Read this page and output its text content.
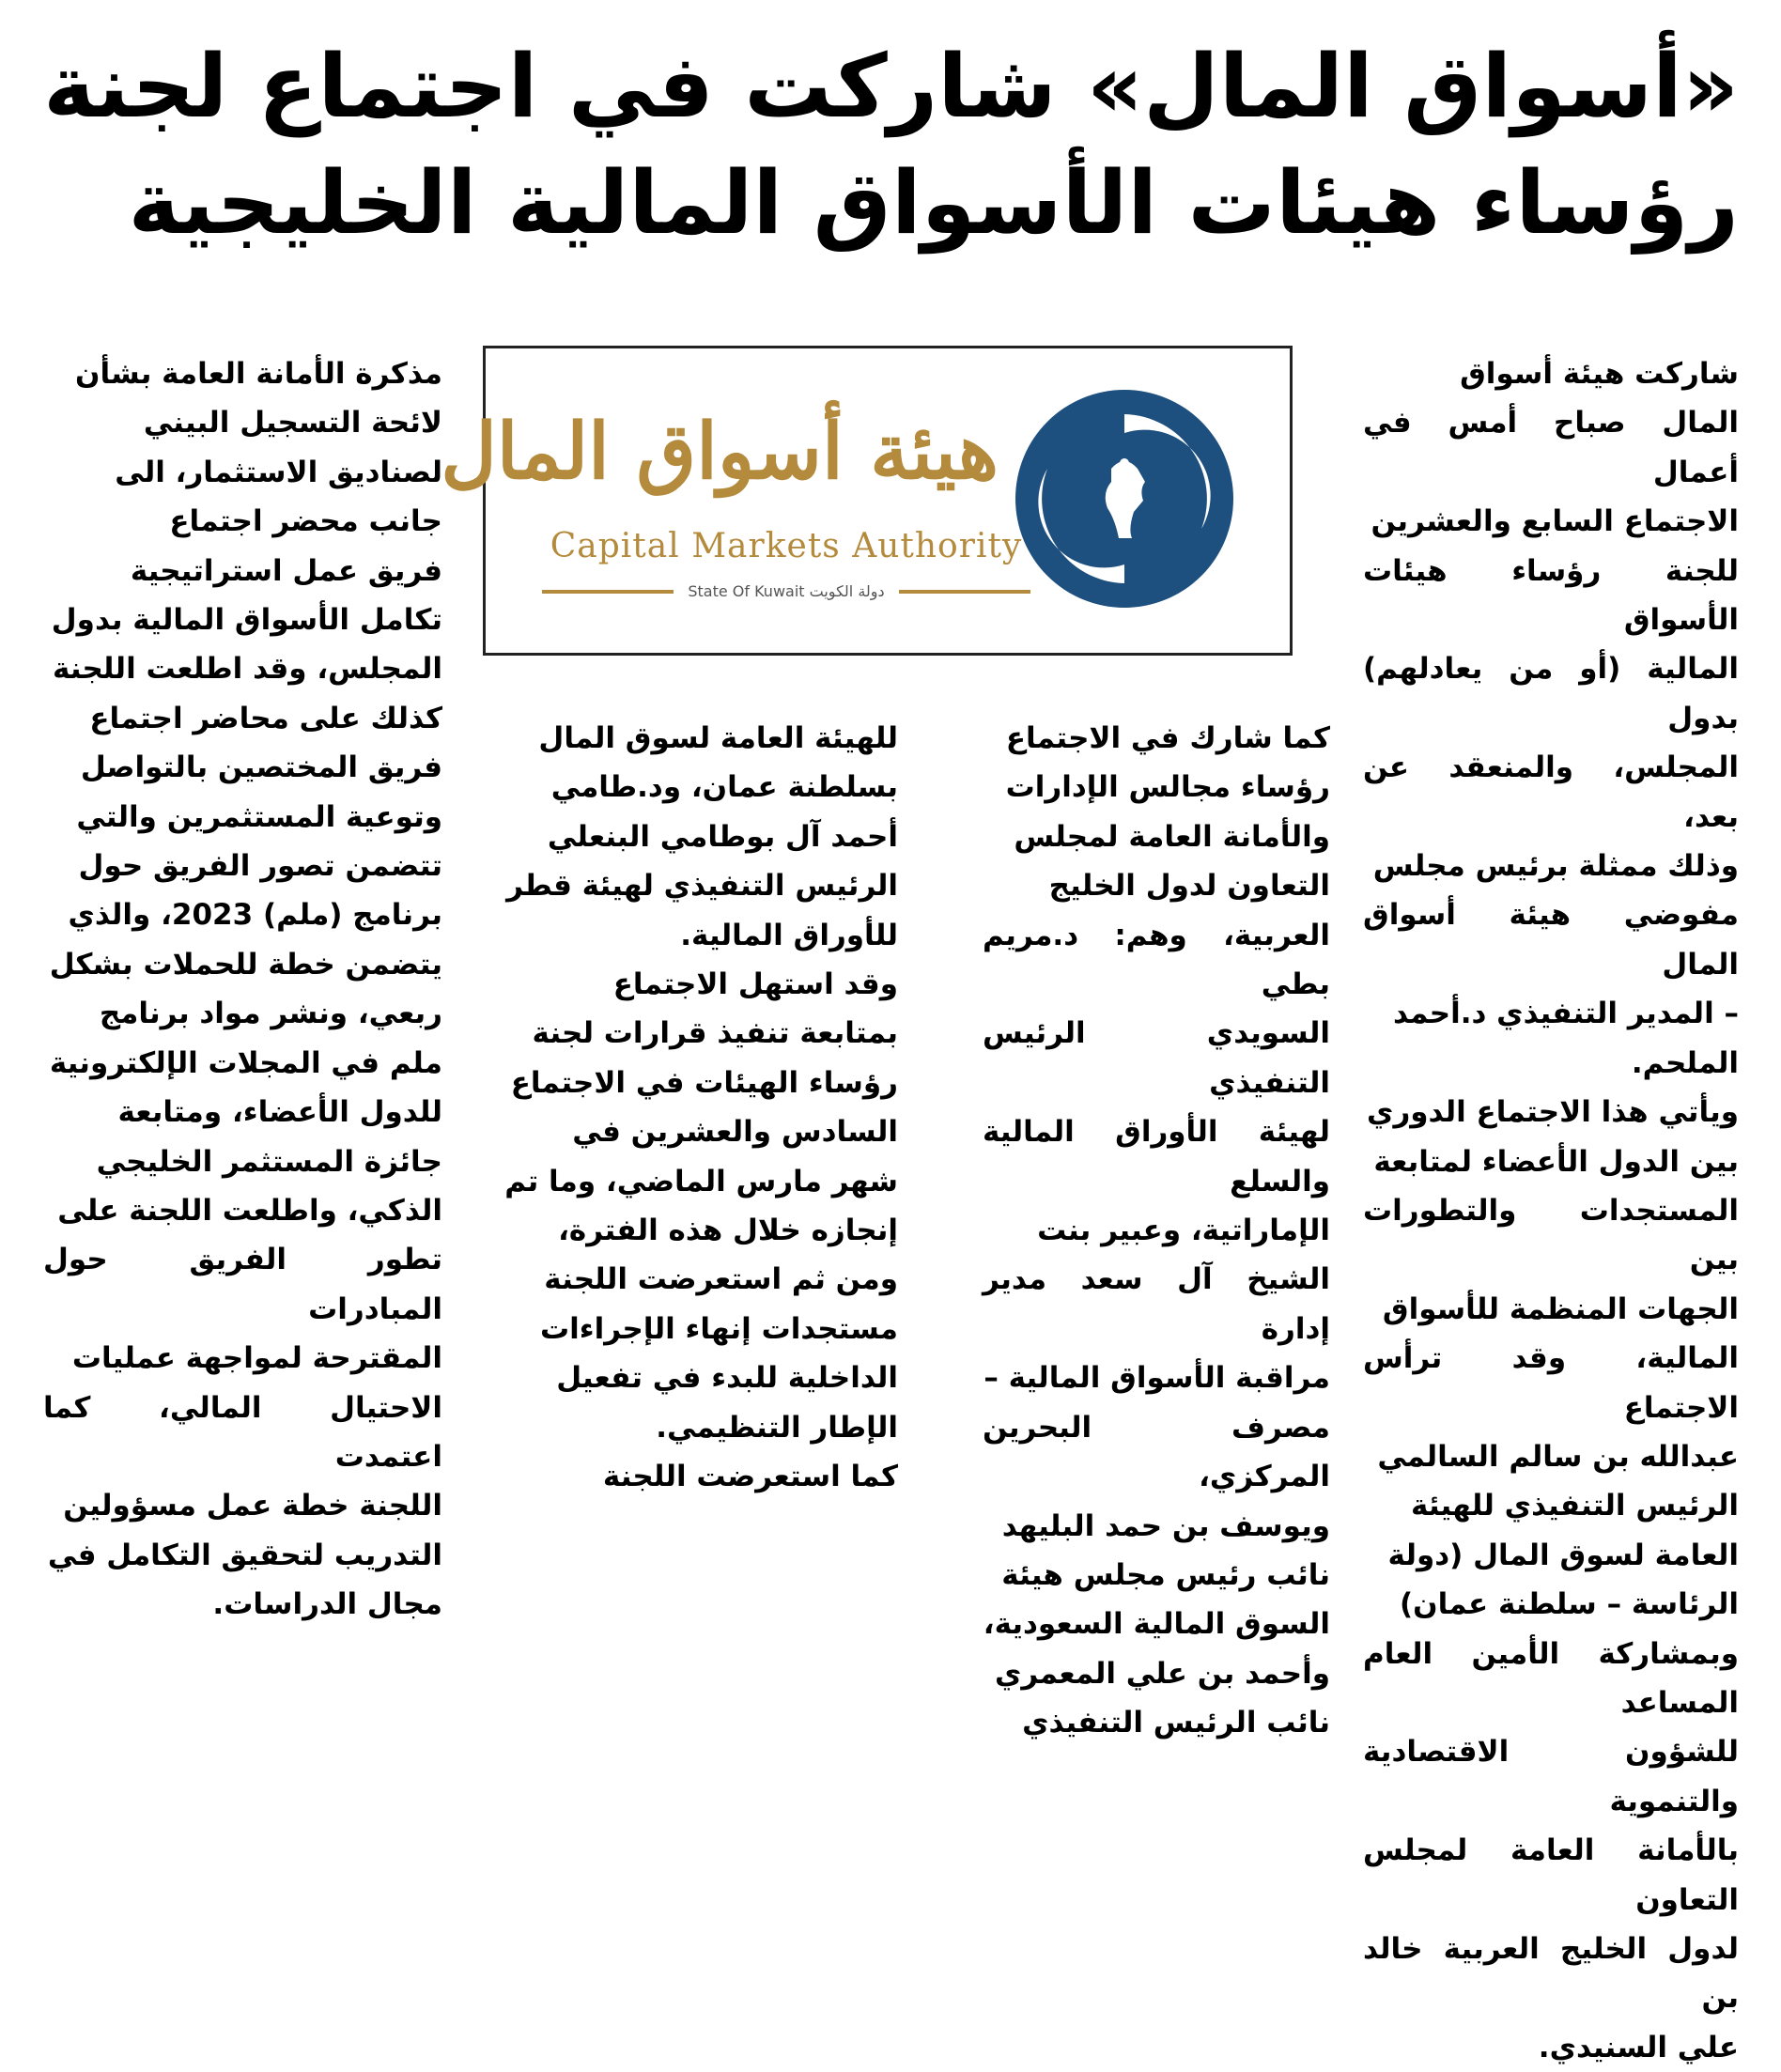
«أسواق المال» شاركت في اجتماع لجنة
رؤساء هيئات الأسواق المالية الخليجية
شاركت هيئة أسواق
المال صباح أمس في أعمال
الاجتماع السابع والعشرين
للجنة رؤساء هيئات الأسواق
المالية (أو من يعادلهم) بدول
المجلس، والمنعقد عن بعد،
وذلك ممثلة برئيس مجلس
مفوضي هيئة أسواق المال
– المدير التنفيذي د.أحمد
الملحم.
ويأتي هذا الاجتماع الدوري
بين الدول الأعضاء لمتابعة
المستجدات والتطورات بين
الجهات المنظمة للأسواق
المالية، وقد ترأس الاجتماع
عبدالله بن سالم السالمي
الرئيس التنفيذي للهيئة
العامة لسوق المال (دولة
الرئاسة – سلطنة عمان)
وبمشاركة الأمين العام المساعد
للشؤون الاقتصادية والتنموية
بالأمانة العامة لمجلس التعاون
لدول الخليج العربية خالد بن
علي السنيدي.
هيئة أسواق المال
Capital Markets Authority
State Of Kuwait دولة الكويت
كما شارك في الاجتماع
رؤساء مجالس الإدارات
والأمانة العامة لمجلس
التعاون لدول الخليج
العربية، وهم: د.مريم بطي
السويدي الرئيس التنفيذي
لهيئة الأوراق المالية والسلع
الإماراتية، وعبير بنت
الشيخ آل سعد مدير إدارة
مراقبة الأسواق المالية –
مصرف البحرين المركزي،
ويوسف بن حمد البليهد
نائب رئيس مجلس هيئة
السوق المالية السعودية،
وأحمد بن علي المعمري
نائب الرئيس التنفيذي
للهيئة العامة لسوق المال
بسلطنة عمان، ود.طامي
أحمد آل بوطامي البنعلي
الرئيس التنفيذي لهيئة قطر
للأوراق المالية.
وقد استهل الاجتماع
بمتابعة تنفيذ قرارات لجنة
رؤساء الهيئات في الاجتماع
السادس والعشرين في
شهر مارس الماضي، وما تم
إنجازه خلال هذه الفترة،
ومن ثم استعرضت اللجنة
مستجدات إنهاء الإجراءات
الداخلية للبدء في تفعيل
الإطار التنظيمي.
كما استعرضت اللجنة
مذكرة الأمانة العامة بشأن
لائحة التسجيل البيني
لصناديق الاستثمار، الى
جانب محضر اجتماع
فريق عمل استراتيجية
تكامل الأسواق المالية بدول
المجلس، وقد اطلعت اللجنة
كذلك على محاضر اجتماع
فريق المختصين بالتواصل
وتوعية المستثمرين والتي
تتضمن تصور الفريق حول
برنامج (ملم) 2023، والذي
يتضمن خطة للحملات بشكل
ربعي، ونشر مواد برنامج
ملم في المجلات الإلكترونية
للدول الأعضاء، ومتابعة
جائزة المستثمر الخليجي
الذكي، واطلعت اللجنة على
تطور الفريق حول المبادرات
المقترحة لمواجهة عمليات
الاحتيال المالي، كما اعتمدت
اللجنة خطة عمل مسؤولين
التدريب لتحقيق التكامل في
مجال الدراسات.
